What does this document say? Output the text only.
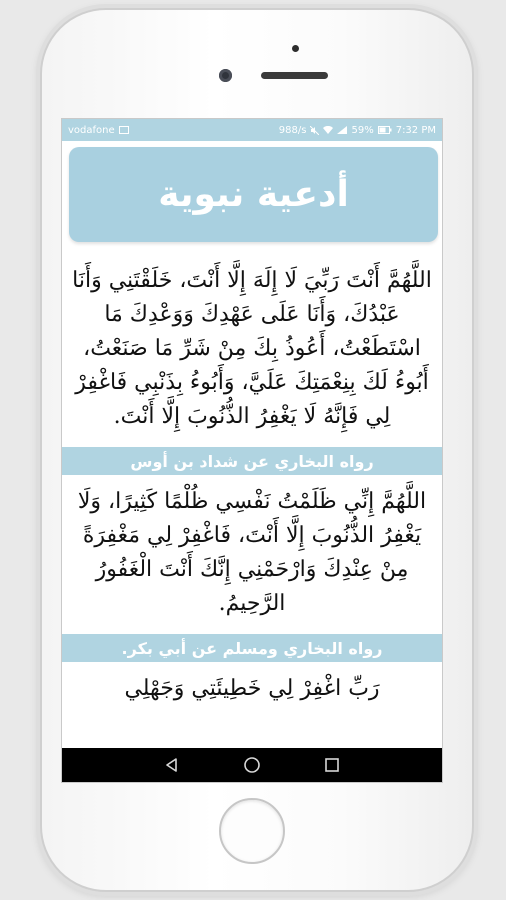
vodafone	988/s	59% 7:32 PM
أدعية نبوية

اللَّهُمَّ أَنْتَ رَبِّيَ لَا إِلَهَ إِلَّا أَنْتَ، خَلَقْتَنِي وَأَنَا عَبْدُكَ، وَأَنَا عَلَى عَهْدِكَ وَوَعْدِكَ مَا اسْتَطَعْتُ، أَعُوذُ بِكَ مِنْ شَرِّ مَا صَنَعْتُ، أَبُوءُ لَكَ بِنِعْمَتِكَ عَلَيَّ، وَأَبُوءُ بِذَنْبِي فَاغْفِرْ لِي فَإِنَّهُ لَا يَغْفِرُ الذُّنُوبَ إِلَّا أَنْتَ.

رواه البخاري عن شداد بن أوس

اللَّهُمَّ إِنِّي ظَلَمْتُ نَفْسِي ظُلْمًا كَثِيرًا، وَلَا يَغْفِرُ الذُّنُوبَ إِلَّا أَنْتَ، فَاغْفِرْ لِي مَغْفِرَةً مِنْ عِنْدِكَ وَارْحَمْنِي إِنَّكَ أَنْتَ الْغَفُورُ الرَّحِيمُ.

رواه البخاري ومسلم عن أبي بكر.

رَبِّ اغْفِرْ لِي خَطِيئَتِي وَجَهْلِي
